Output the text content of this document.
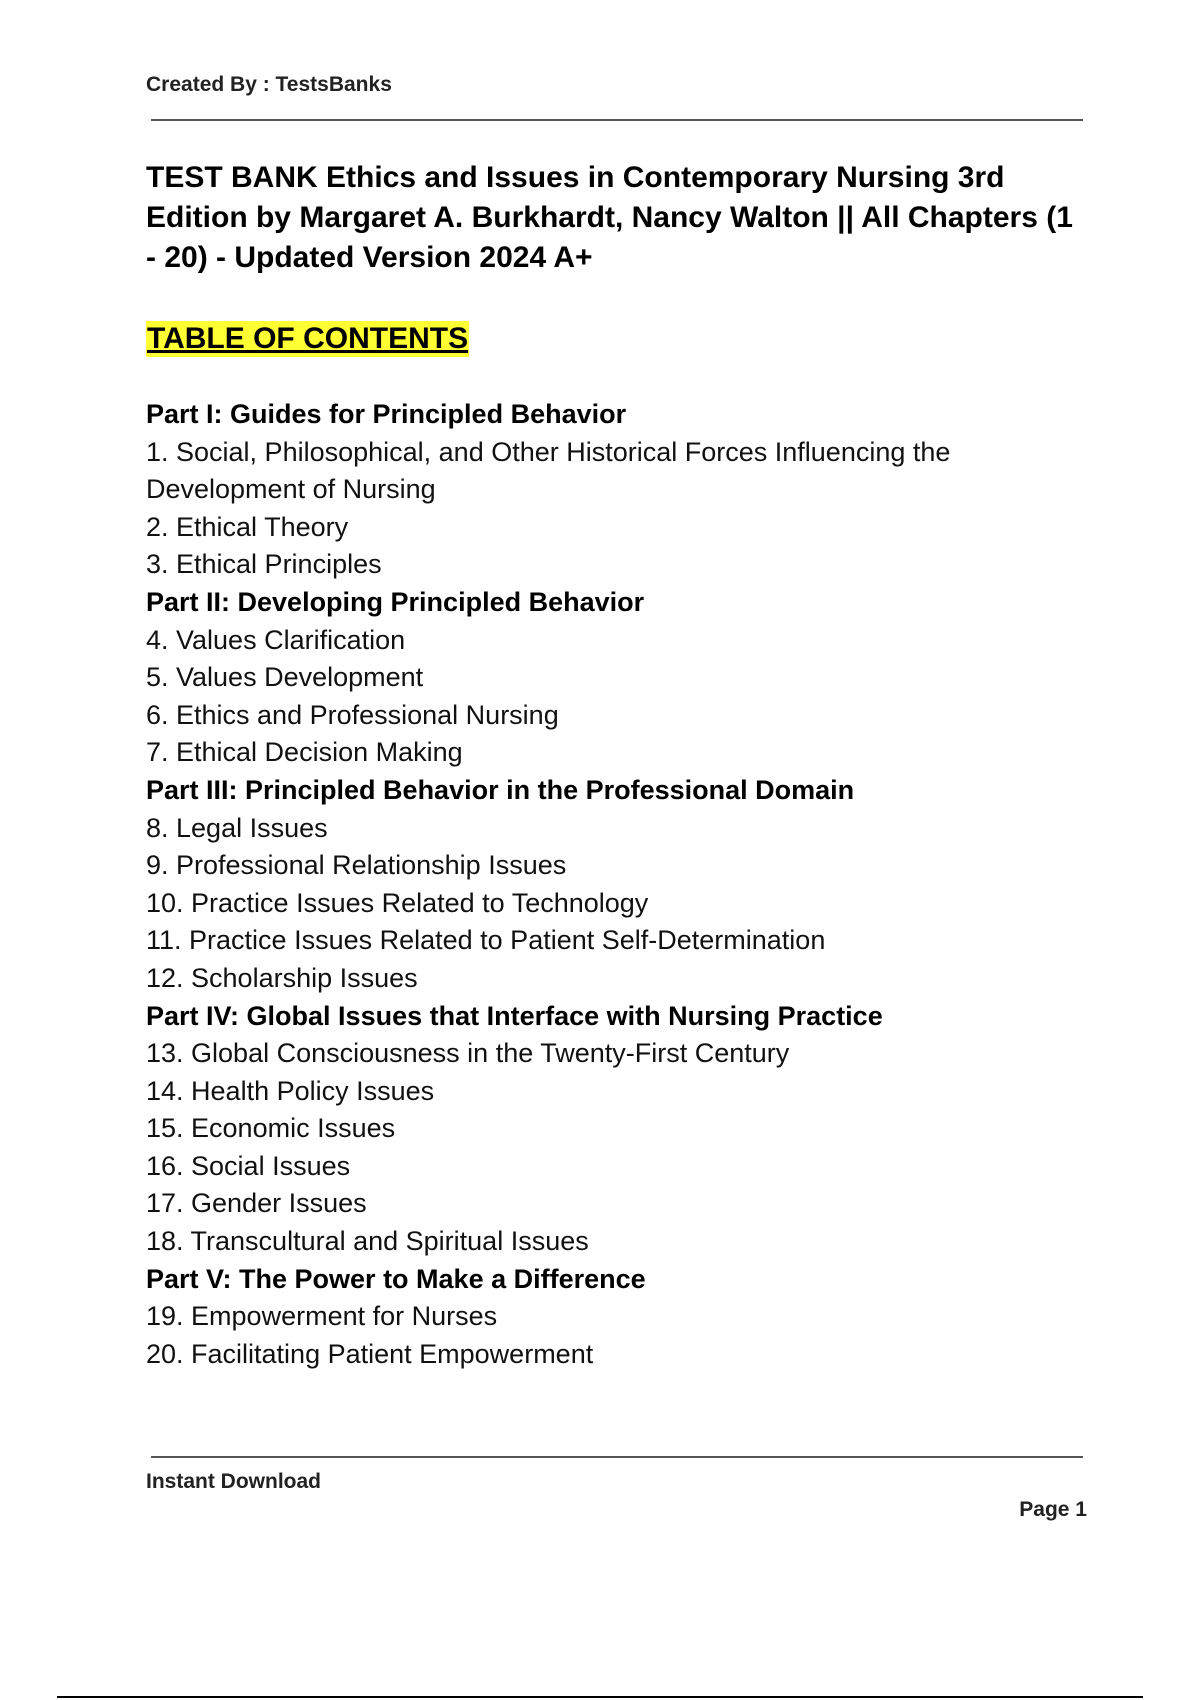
Created By : TestsBanks
TEST BANK Ethics and Issues in Contemporary Nursing 3rd Edition by Margaret A. Burkhardt, Nancy Walton || All Chapters (1 - 20) - Updated Version 2024 A+
TABLE OF CONTENTS
Part I: Guides for Principled Behavior
1. Social, Philosophical, and Other Historical Forces Influencing the Development of Nursing
2. Ethical Theory
3. Ethical Principles
Part II: Developing Principled Behavior
4. Values Clarification
5. Values Development
6. Ethics and Professional Nursing
7. Ethical Decision Making
Part III: Principled Behavior in the Professional Domain
8. Legal Issues
9. Professional Relationship Issues
10. Practice Issues Related to Technology
11. Practice Issues Related to Patient Self-Determination
12. Scholarship Issues
Part IV: Global Issues that Interface with Nursing Practice
13. Global Consciousness in the Twenty-First Century
14. Health Policy Issues
15. Economic Issues
16. Social Issues
17. Gender Issues
18. Transcultural and Spiritual Issues
Part V: The Power to Make a Difference
19. Empowerment for Nurses
20. Facilitating Patient Empowerment
Instant Download
Page 1
